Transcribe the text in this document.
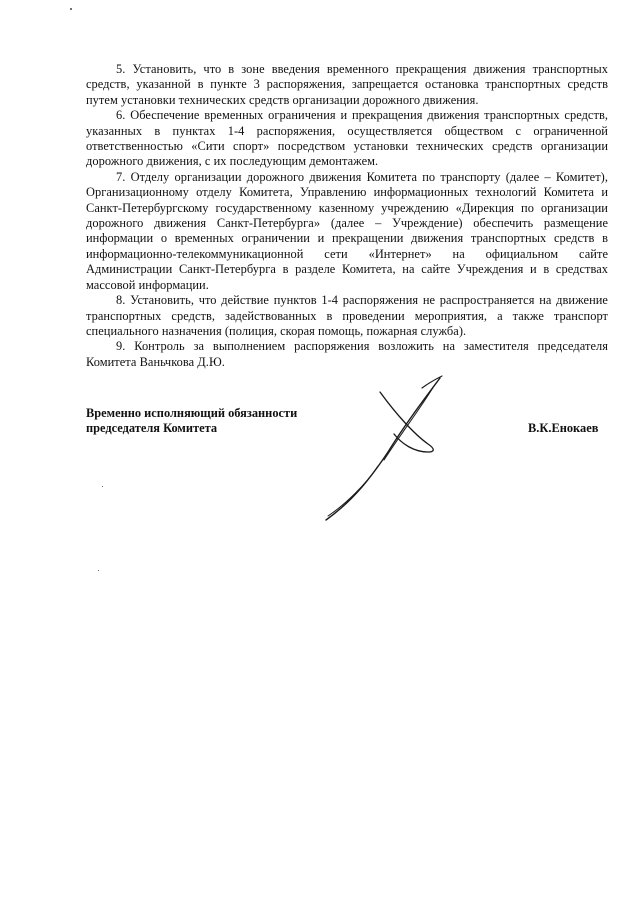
5. Установить, что в зоне введения временного прекращения движения транспортных средств, указанной в пункте 3 распоряжения, запрещается остановка транспортных средств путем установки технических средств организации дорожного движения.

6. Обеспечение временных ограничения и прекращения движения транспортных средств, указанных в пунктах 1-4 распоряжения, осуществляется обществом с ограниченной ответственностью «Сити спорт» посредством установки технических средств организации дорожного движения, с их последующим демонтажем.

7. Отделу организации дорожного движения Комитета по транспорту (далее – Комитет), Организационному отделу Комитета, Управлению информационных технологий Комитета и Санкт-Петербургскому государственному казенному учреждению «Дирекция по организации дорожного движения Санкт-Петербурга» (далее – Учреждение) обеспечить размещение информации о временных ограничении и прекращении движения транспортных средств в информационно-телекоммуникационной сети «Интернет» на официальном сайте Администрации Санкт-Петербурга в разделе Комитета, на сайте Учреждения и в средствах массовой информации.

8. Установить, что действие пунктов 1-4 распоряжения не распространяется на движение транспортных средств, задействованных в проведении мероприятия, а также транспорт специального назначения (полиция, скорая помощь, пожарная служба).

9. Контроль за выполнением распоряжения возложить на заместителя председателя Комитета Ваньчкова Д.Ю.

Временно исполняющий обязанности
председателя Комитета	В.К.Енокаев
